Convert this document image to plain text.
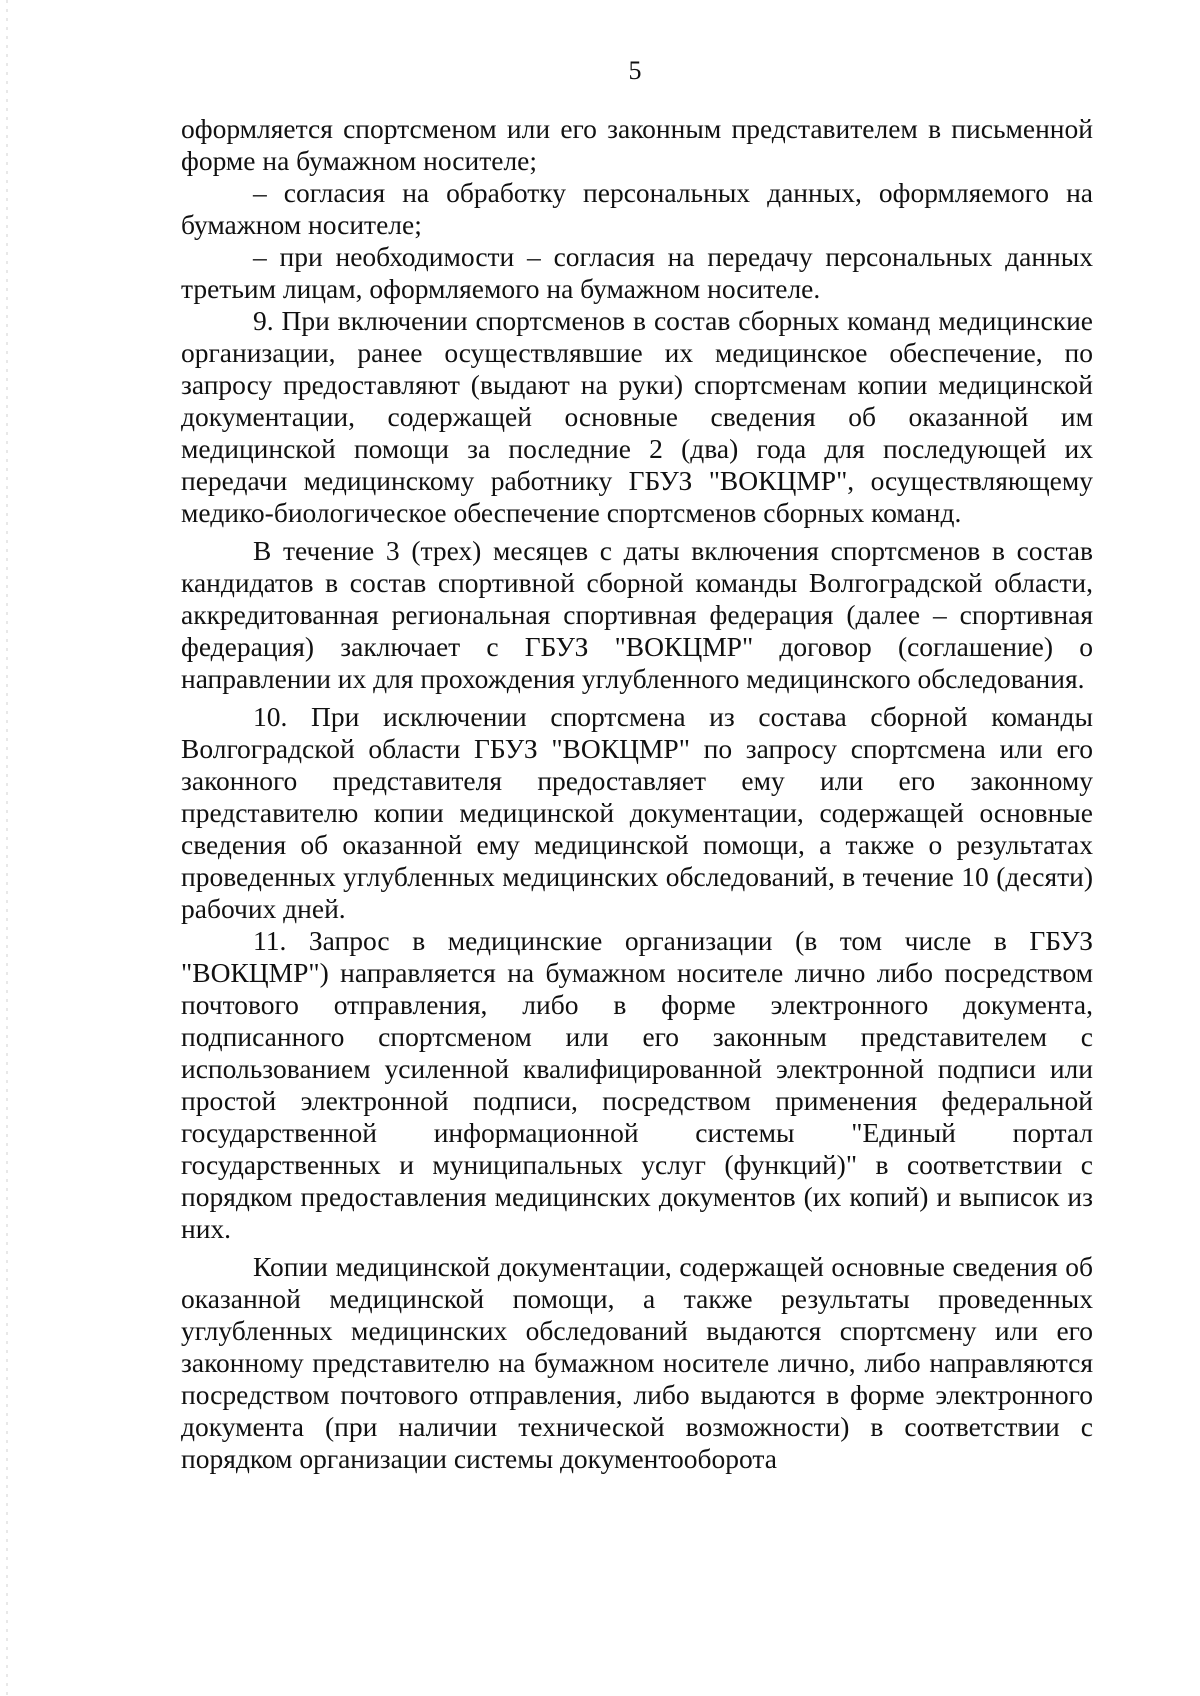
5

оформляется спортсменом или его законным представителем в письменной форме на бумажном носителе;

– согласия на обработку персональных данных, оформляемого на бумажном носителе;

– при необходимости – согласия на передачу персональных данных третьим лицам, оформляемого на бумажном носителе.

9. При включении спортсменов в состав сборных команд медицинские организации, ранее осуществлявшие их медицинское обеспечение, по запросу предоставляют (выдают на руки) спортсменам копии медицинской документации, содержащей основные сведения об оказанной им медицинской помощи за последние 2 (два) года для последующей их передачи медицинскому работнику ГБУЗ "ВОКЦМР", осуществляющему медико-биологическое обеспечение спортсменов сборных команд.

В течение 3 (трех) месяцев с даты включения спортсменов в состав кандидатов в состав спортивной сборной команды Волгоградской области, аккредитованная региональная спортивная федерация (далее – спортивная федерация) заключает с ГБУЗ "ВОКЦМР" договор (соглашение) о направлении их для прохождения углубленного медицинского обследования.

10. При исключении спортсмена из состава сборной команды Волгоградской области ГБУЗ "ВОКЦМР" по запросу спортсмена или его законного представителя предоставляет ему или его законному представителю копии медицинской документации, содержащей основные сведения об оказанной ему медицинской помощи, а также о результатах проведенных углубленных медицинских обследований, в течение 10 (десяти) рабочих дней.

11. Запрос в медицинские организации (в том числе в ГБУЗ "ВОКЦМР") направляется на бумажном носителе лично либо посредством почтового отправления, либо в форме электронного документа, подписанного спортсменом или его законным представителем с использованием усиленной квалифицированной электронной подписи или простой электронной подписи, посредством применения федеральной государственной информационной системы "Единый портал государственных и муниципальных услуг (функций)" в соответствии с порядком предоставления медицинских документов (их копий) и выписок из них.

Копии медицинской документации, содержащей основные сведения об оказанной медицинской помощи, а также результаты проведенных углубленных медицинских обследований выдаются спортсмену или его законному представителю на бумажном носителе лично, либо направляются посредством почтового отправления, либо выдаются в форме электронного документа (при наличии технической возможности) в соответствии с порядком организации системы документооборота
